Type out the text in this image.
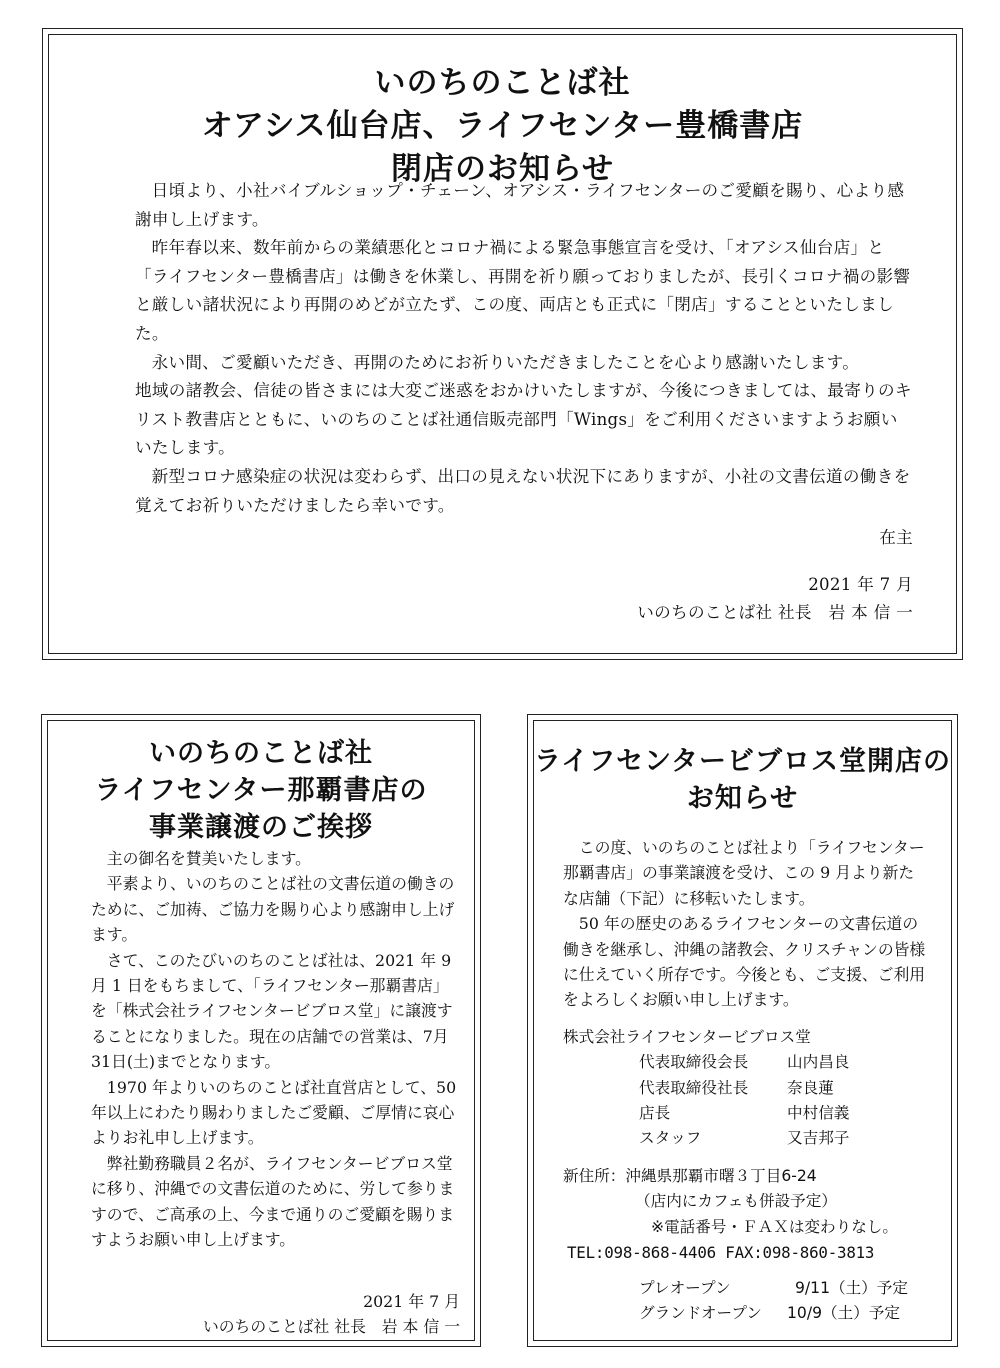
いのちのことば社
オアシス仙台店、ライフセンター豊橋書店
閉店のお知らせ

日頃より、小社バイブルショップ・チェーン、オアシス・ライフセンターのご愛顧を賜り、心より感謝申し上げます。

昨年春以来、数年前からの業績悪化とコロナ禍による緊急事態宣言を受け、「オアシス仙台店」と「ライフセンター豊橋書店」は働きを休業し、再開を祈り願っておりましたが、長引くコロナ禍の影響と厳しい諸状況により再開のめどが立たず、この度、両店とも正式に「閉店」することといたしました。

永い間、ご愛顧いただき、再開のためにお祈りいただきましたことを心より感謝いたします。

地域の諸教会、信徒の皆さまには大変ご迷惑をおかけいたしますが、今後につきましては、最寄りのキリスト教書店とともに、いのちのことば社通信販売部門「Wings」をご利用くださいますようお願いいたします。

新型コロナ感染症の状況は変わらず、出口の見えない状況下にありますが、小社の文書伝道の働きを覚えてお祈りいただけましたら幸いです。

在主

2021 年 7 月

いのちのことば社 社長　岩 本 信 一

いのちのことば社
ライフセンター那覇書店の
事業譲渡のご挨拶

主の御名を賛美いたします。

平素より、いのちのことば社の文書伝道の働きのために、ご加祷、ご協力を賜り心より感謝申し上げます。

さて、このたびいのちのことば社は、2021 年 9 月 1 日をもちまして、「ライフセンター那覇書店」を「株式会社ライフセンタービブロス堂」に譲渡することになりました。現在の店舗での営業は、7月31日(土)までとなります。

1970 年よりいのちのことば社直営店として、50 年以上にわたり賜わりましたご愛顧、ご厚情に哀心よりお礼申し上げます。

弊社勤務職員２名が、ライフセンタービブロス堂に移り、沖縄での文書伝道のために、労して参りますので、ご高承の上、今まで通りのご愛顧を賜りますようお願い申し上げます。

2021 年 7 月

いのちのことば社 社長　岩 本 信 一

ライフセンタービブロス堂開店の
お知らせ

この度、いのちのことば社より「ライフセンター那覇書店」の事業譲渡を受け、この 9 月より新たな店舗（下記）に移転いたします。

50 年の歴史のあるライフセンターの文書伝道の働きを継承し、沖縄の諸教会、クリスチャンの皆様に仕えていく所存です。今後とも、ご支援、ご利用をよろしくお願い申し上げます。

株式会社ライフセンタービブロス堂

代表取締役会長	山内昌良
代表取締役社長	奈良蓮
店長	中村信義
スタッフ	又吉邦子

新住所：沖縄県那覇市曙３丁目6-24

（店内にカフェも併設予定）

※電話番号・ＦＡＸは変わりなし。

TEL:098-868-4406 FAX:098-860-3813

プレオープン	9/11（土）予定
グランドオープン	10/9（土）予定
